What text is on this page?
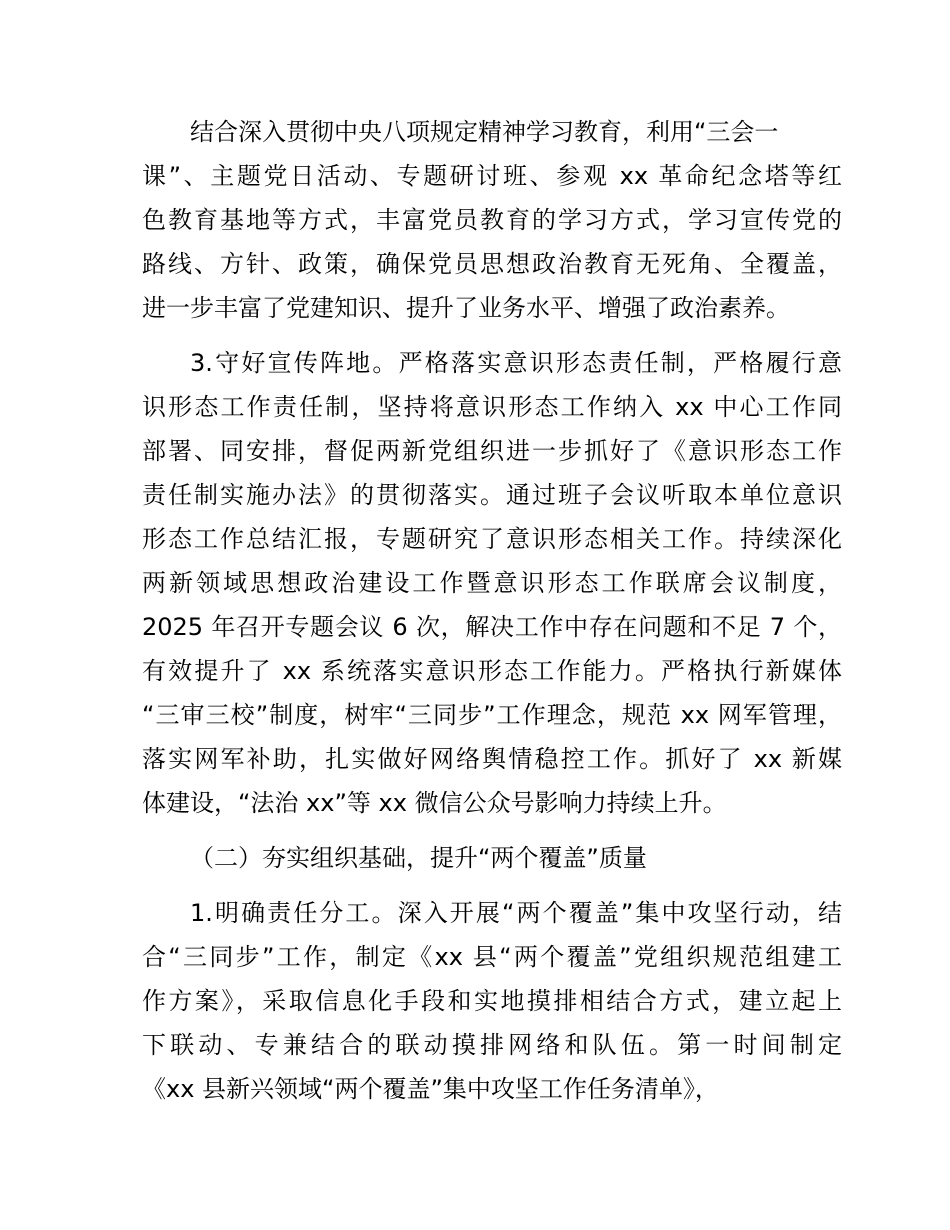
结合深入贯彻中央八项规定精神学习教育，利用“三会一
课”、主题党日活动、专题研讨班、参观 xx 革命纪念塔等红
色教育基地等方式，丰富党员教育的学习方式，学习宣传党的
路线、方针、政策，确保党员思想政治教育无死角、全覆盖，
进一步丰富了党建知识、提升了业务水平、增强了政治素养。
3.守好宣传阵地。严格落实意识形态责任制，严格履行意
识形态工作责任制，坚持将意识形态工作纳入 xx 中心工作同
部署、同安排，督促两新党组织进一步抓好了《意识形态工作
责任制实施办法》的贯彻落实。通过班子会议听取本单位意识
形态工作总结汇报，专题研究了意识形态相关工作。持续深化
两新领域思想政治建设工作暨意识形态工作联席会议制度，
2025 年召开专题会议 6 次，解决工作中存在问题和不足 7 个，
有效提升了 xx 系统落实意识形态工作能力。严格执行新媒体
“三审三校”制度，树牢“三同步”工作理念，规范 xx 网军管理，
落实网军补助，扎实做好网络舆情稳控工作。抓好了 xx 新媒
体建设，“法治 xx”等 xx 微信公众号影响力持续上升。
（二）夯实组织基础，提升“两个覆盖”质量
1.明确责任分工。深入开展“两个覆盖”集中攻坚行动，结
合“三同步”工作，制定《xx 县“两个覆盖”党组织规范组建工
作方案》，采取信息化手段和实地摸排相结合方式，建立起上
下联动、专兼结合的联动摸排网络和队伍。第一时间制定
《xx 县新兴领域“两个覆盖”集中攻坚工作任务清单》，
